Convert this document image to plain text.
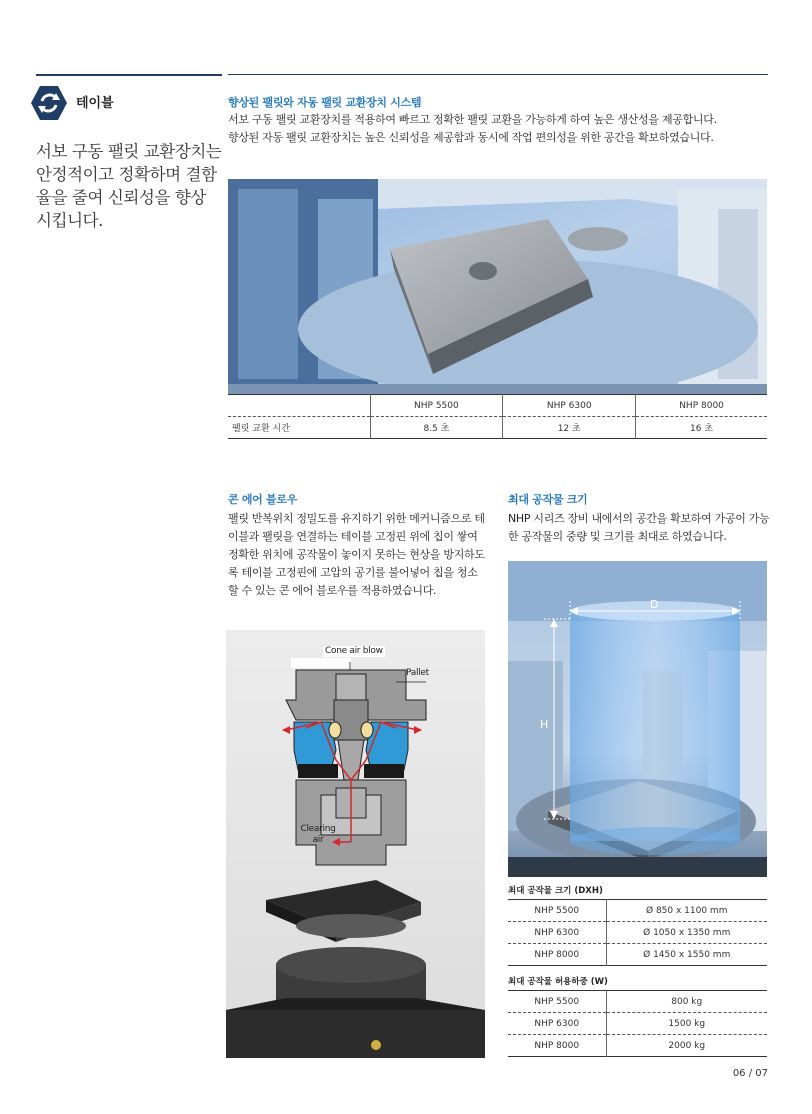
테이블
서보 구동 팰릿 교환장치는 안정적이고 정확하며 결함율을 줄여 신뢰성을 향상 시킵니다.
향상된 팰릿와 자동 팰릿 교환장치 시스템
서보 구동 팰릿 교환장치를 적용하여 빠르고 정확한 팰릿 교환을 가능하게 하여 높은 생산성을 제공합니다.
향상된 자동 팰릿 교환장치는 높은 신뢰성을 제공함과 동시에 작업 편의성을 위한 공간을 확보하였습니다.
	NHP 5500	NHP 6300	NHP 8000
팰릿 교환 시간	8.5 초	12 초	16 초
콘 에어 블로우
팰릿 반복위치 정밀도를 유지하기 위한 메커니즘으로 테이블과 팰릿을 연결하는 테이블 고정핀 위에 칩이 쌓여 정확한 위치에 공작물이 놓이지 못하는 현상을 방지하도록 테이블 고정핀에 고압의 공기를 불어넣어 칩을 청소할 수 있는 콘 에어 블로우를 적용하였습니다.
Cone air blow
Pallet
Clearing
air
최대 공작물 크기
NHP 시리즈 장비 내에서의 공간을 확보하여 가공이 가능한 공작물의 중량 및 크기를 최대로 하였습니다.
D
H
최대 공작물 크기 (DXH)
NHP 5500	Ø 850 x 1100 mm
NHP 6300	Ø 1050 x 1350 mm
NHP 8000	Ø 1450 x 1550 mm
최대 공작물 허용하중 (W)
NHP 5500	800 kg
NHP 6300	1500 kg
NHP 8000	2000 kg
06 / 07
